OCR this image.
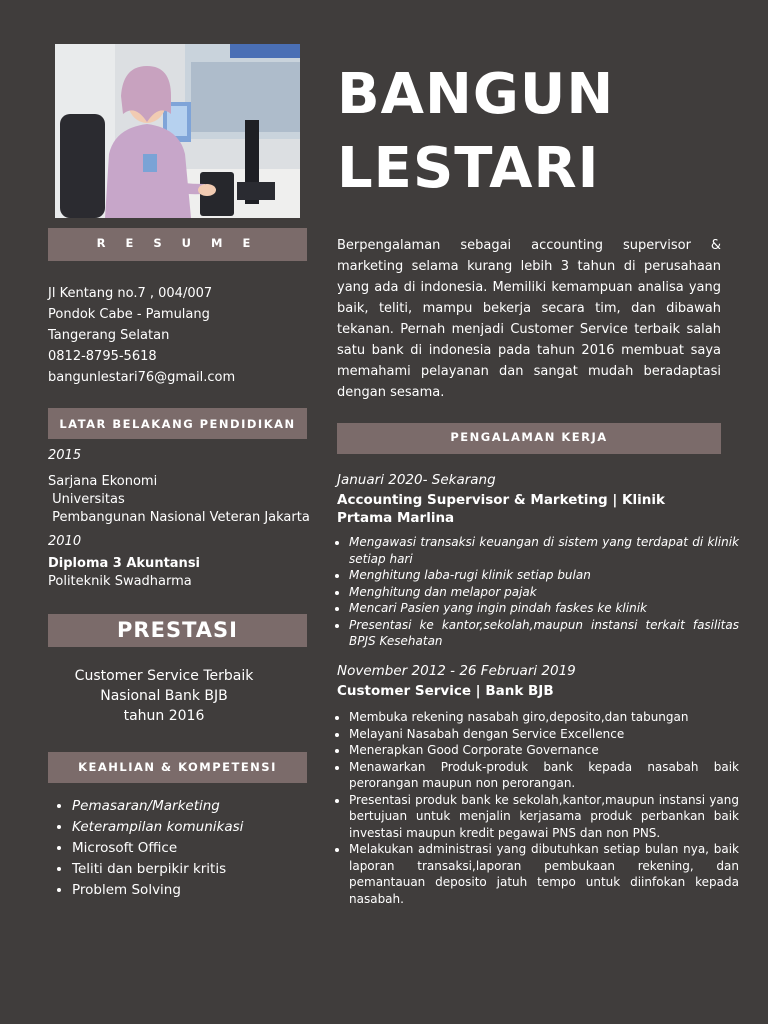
BANGUN
LESTARI
R E S U M E
Jl Kentang no.7 , 004/007
Pondok Cabe - Pamulang
Tangerang Selatan
0812-8795-5618
bangunlestari76@gmail.com
LATAR BELAKANG PENDIDIKAN
2015
Sarjana Ekonomi
Universitas
Pembangunan Nasional Veteran Jakarta
2010
Diploma 3 Akuntansi
Politeknik Swadharma
PRESTASI
Customer Service Terbaik
Nasional Bank BJB
tahun 2016
KEAHLIAN & KOMPETENSI
• Pemasaran/Marketing
• Keterampilan komunikasi
• Microsoft Office
• Teliti dan berpikir kritis
• Problem Solving

Berpengalaman sebagai accounting supervisor & marketing selama kurang lebih 3 tahun di perusahaan yang ada di indonesia. Memiliki kemampuan analisa yang baik, teliti, mampu bekerja secara tim, dan dibawah tekanan. Pernah menjadi Customer Service terbaik salah satu bank di indonesia pada tahun 2016 membuat saya memahami pelayanan dan sangat mudah beradaptasi dengan sesama.

PENGALAMAN KERJA
Januari 2020- Sekarang
Accounting Supervisor & Marketing | Klinik Prtama Marlina
• Mengawasi transaksi keuangan di sistem yang terdapat di klinik setiap hari
• Menghitung laba-rugi klinik setiap bulan
• Menghitung dan melapor pajak
• Mencari Pasien yang ingin pindah faskes ke klinik
• Presentasi ke kantor,sekolah,maupun instansi terkait fasilitas BPJS Kesehatan
November 2012 - 26 Februari 2019
Customer Service | Bank BJB
• Membuka rekening nasabah giro,deposito,dan tabungan
• Melayani Nasabah dengan Service Excellence
• Menerapkan Good Corporate Governance
• Menawarkan Produk-produk bank kepada nasabah baik perorangan maupun non perorangan.
• Presentasi produk bank ke sekolah,kantor,maupun instansi yang bertujuan untuk menjalin kerjasama produk perbankan baik investasi maupun kredit pegawai PNS dan non PNS.
• Melakukan administrasi yang dibutuhkan setiap bulan nya, baik laporan transaksi,laporan pembukaan rekening, dan pemantauan deposito jatuh tempo untuk diinfokan kepada nasabah.
